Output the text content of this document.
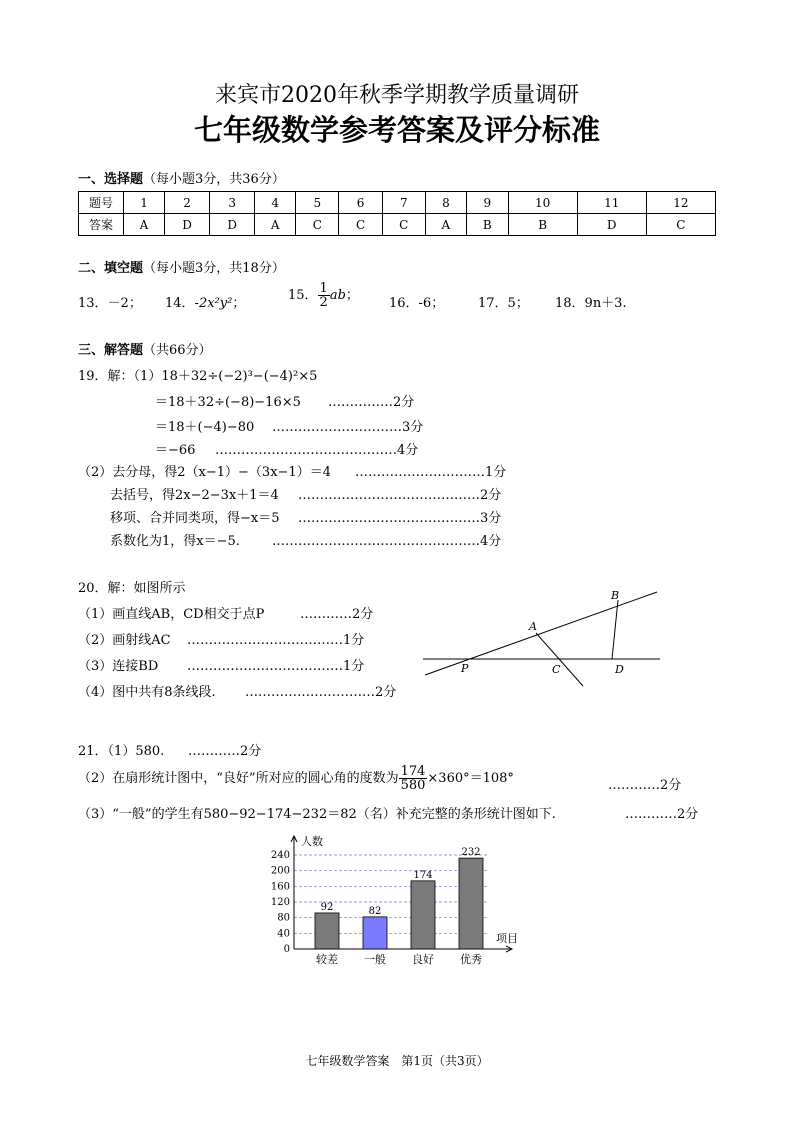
来宾市2020年秋季学期教学质量调研
七年级数学参考答案及评分标准
一、选择题（每小题3分，共36分）
题号	1	2	3	4	5	6	7	8	9	10	11	12
答案	A	D	D	A	C	C	C	A	B	B	D	C
二、填空题（每小题3分，共18分）
13．－2； 14．-2x²y²；
15． $\frac{1}{2}$ ab；
16．-6；	17．5； 18．9n＋3.
三、解答题（共66分）
19．解：（1）18＋32÷(−2)³−(−4)²×5
＝18＋32÷(−8)−16×5 ……………2分
＝18＋(−4)−80 …………………………3分
＝−66 ……………………………………4分
（2）去分母，得2（x−1）−（3x−1）＝4 …………………………1分
去括号，得2x−2−3x＋1＝4 ……………………………………2分
移项、合并同类项，得−x＝5 ……………………………………3分
系数化为1，得x＝−5. …………………………………………4分
20．解：如图所示
（1）画直线AB，CD相交于点P	…………2分
（2）画射线AC ………………………………1分
（3）连接BD ………………………………1分
（4）图中共有8条线段. …………………………2分
A
B
C	D
P
21．（1）580. …………2分
（2）在扇形统计图中，“良好”所对应的圆心角的度数为 $\frac{174}{580} \times 360^\circ=108^\circ$	…………2分
（3）“一般”的学生有580−92−174−232＝82（名）补充完整的条形统计图如下.	…………2分
0
40
80
120
160
200
240
人数
项目
92
较差
82
一般
174
良好
232
优秀
七年级数学答案　第1页（共3页）
